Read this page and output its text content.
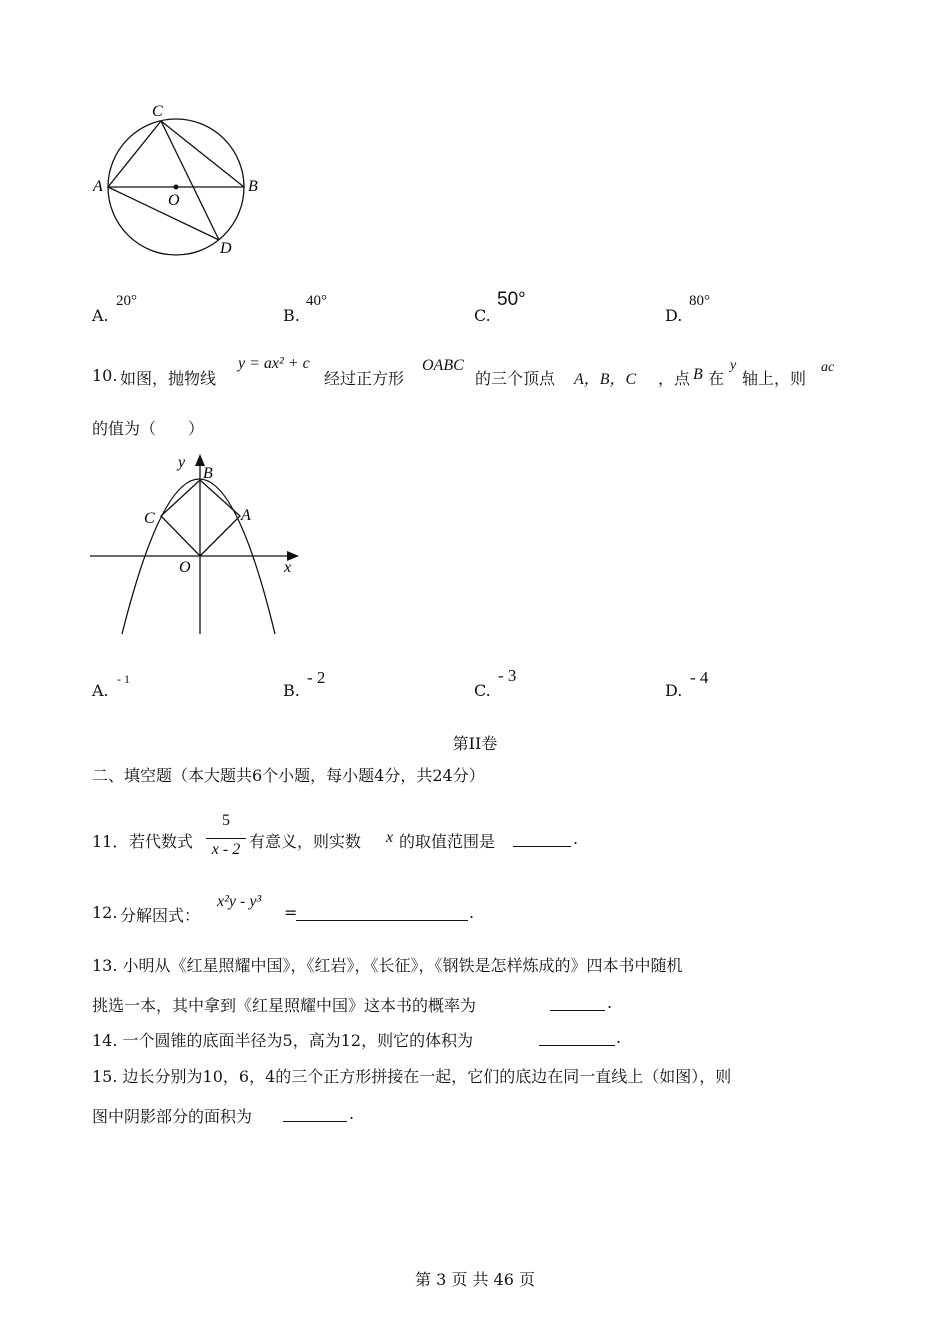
C
A	B
O
D
A.
20°
B.
40°
C.
50°
D.
80°
10. 如图，抛物线
y = ax² + c
经过正方形
OABC
的三个顶点 A，B，C ，点 B 在
y
轴上，则
ac
的值为（　　）
y
B
C	A
O	x
A.
- 1
B.
- 2
C.
- 3
D.
- 4
第II卷
二、填空题（本大题共6个小题，每小题4分，共24分）
11． 若代数式
5
x - 2 有意义，则实数 x 的取值范围是	.
12. 分解因式：
x²y - y³
=	.
13. 小明从《红星照耀中国》，《红岩》，《长征》，《钢铁是怎样炼成的》四本书中随机
挑选一本，其中拿到《红星照耀中国》这本书的概率为	.
14. 一个圆锥的底面半径为5，高为12，则它的体积为	.
15. 边长分别为10，6，4的三个正方形拼接在一起，它们的底边在同一直线上（如图），则
图中阴影部分的面积为	.
第 3 页 共 46 页
